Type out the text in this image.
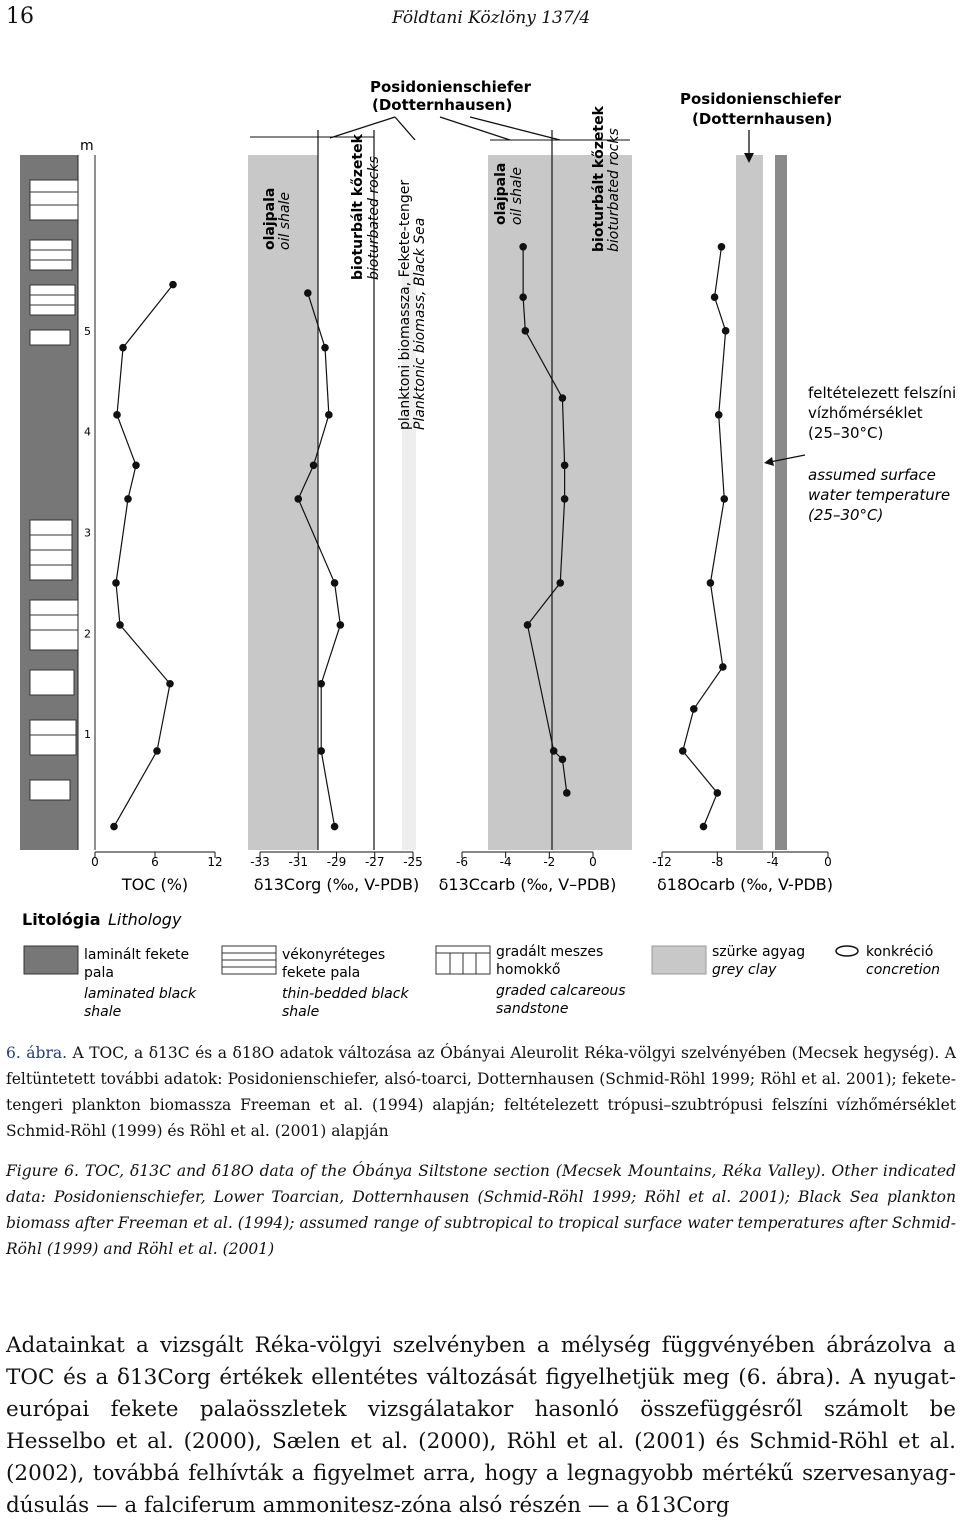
16	Földtani Közlöny 137/4
Posidonienschiefer
(Dotternhausen)	Posidonienschiefer
(Dotternhausen)
olajpala oil shale	bioturbált kőzetek bioturbated rocks planktoni biomassza, Fekete-tenger Planktonic biomass, Black Sea
olajpala oil shale	bioturbált kőzetek bioturbated rocks
feltételezett felszíni
vízhőmérséklet
(25–30°C)
assumed surface
water temperature
(25–30°C)
m
1
2
3
4
5
0	6	12
TOC (%)
-33 -31 -29 -27 -25
δ13Corg (‰, V-PDB)
-6	-4	-2	0
δ13Ccarb (‰, V–PDB)
-12	-8	-4	0
δ18Ocarb (‰, V-PDB)
Litológia Lithology
laminált fekete
pala
laminated black
shale
vékonyréteges
fekete pala
thin-bedded black
shale
gradált meszes
homokkő
graded calcareous
sandstone
szürke agyag
grey clay
konkréció
concretion
6. ábra. A TOC, a δ13C és a δ18O adatok változása az Óbányai Aleurolit Réka-völgyi szelvényében (Mecsek hegység). A feltüntetett további adatok: Posidonienschiefer, alsó-toarci, Dotternhausen (Schmid-Röhl 1999; Röhl et al. 2001); fekete-tengeri plankton biomassza Freeman et al. (1994) alapján; feltételezett trópusi–szubtrópusi felszíni vízhőmérséklet Schmid-Röhl (1999) és Röhl et al. (2001) alapján
Figure 6. TOC, δ13C and δ18O data of the Óbánya Siltstone section (Mecsek Mountains, Réka Valley). Other indicated data: Posidonienschiefer, Lower Toarcian, Dotternhausen (Schmid-Röhl 1999; Röhl et al. 2001); Black Sea plankton biomass after Freeman et al. (1994); assumed range of subtropical to tropical surface water temperatures after Schmid-Röhl (1999) and Röhl et al. (2001)
Adatainkat a vizsgált Réka-völgyi szelvényben a mélység függvényében ábrázolva a TOC és a δ13Corg értékek ellentétes változását figyelhetjük meg (6. ábra). A nyugat-európai fekete palaösszletek vizsgálatakor hasonló összefüggésről számolt be Hesselbo et al. (2000), Sælen et al. (2000), Röhl et al. (2001) és Schmid-Röhl et al. (2002), továbbá felhívták a figyelmet arra, hogy a legnagyobb mértékű szervesanyag-dúsulás — a falciferum ammonitesz-zóna alsó részén — a δ13Corg
